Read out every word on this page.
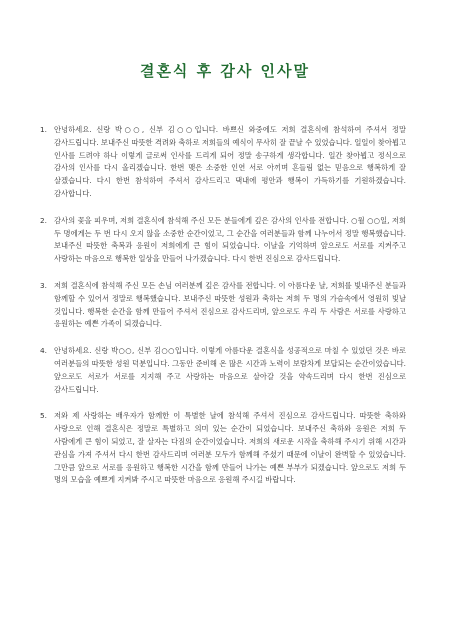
결혼식 후 감사 인사말
1. 안녕하세요. 신랑 박○○, 신부 김○○입니다. 바쁘신 와중에도 저희 결혼식에 참석하여 주셔서 정말 감사드립니다. 보내주신 따뜻한 격려와 축하로 저희들의 예식이 무사히 잘 끝날 수 있었습니다. 일일이 찾아뵙고 인사를 드려야 하나 이렇게 글로써 인사를 드리게 되어 정말 송구하게 생각합니다. 일간 찾아뵙고 정식으로 감사의 인사를 다시 올리겠습니다. 한번 맺은 소중한 인연 서로 아끼며 흔들림 없는 믿음으로 행복하게 잘 살겠습니다. 다시 한번 참석하여 주셔서 감사드리고 댁내에 평안과 행복이 가득하기를 기원하겠습니다. 감사합니다.
2. 감사의 꽃을 피우며, 저희 결혼식에 참석해 주신 모든 분들에게 깊은 감사의 인사를 전합니다. ○월 ○○일, 저희 두 명에게는 두 번 다시 오지 않을 소중한 순간이었고, 그 순간을 여러분들과 함께 나누어서 정말 행복했습니다. 보내주신 따뜻한 축복과 응원이 저희에게 큰 힘이 되었습니다. 이날을 기억하며 앞으로도 서로를 지켜주고 사랑하는 마음으로 행복한 일상을 만들어 나가겠습니다. 다시 한번 진심으로 감사드립니다.
3. 저희 결혼식에 참석해 주신 모든 손님 여러분께 깊은 감사를 전합니다. 이 아름다운 날, 저희를 빛내주신 분들과 함께할 수 있어서 정말로 행복했습니다. 보내주신 따뜻한 성원과 축하는 저희 두 명의 가슴속에서 영원히 빛날 것입니다. 행복한 순간을 함께 만들어 주셔서 진심으로 감사드리며, 앞으로도 우리 두 사람은 서로를 사랑하고 응원하는 예쁜 가족이 되겠습니다.
4. 안녕하세요. 신랑 박○○, 신부 김○○입니다. 이렇게 아름다운 결혼식을 성공적으로 마칠 수 있었던 것은 바로 여러분들의 따뜻한 성원 덕분입니다. 그동안 준비해 온 많은 시간과 노력이 보람차게 보답되는 순간이었습니다. 앞으로도 서로가 서로를 지지해 주고 사랑하는 마음으로 살아갈 것을 약속드리며 다시 한번 진심으로 감사드립니다.
5. 저와 제 사랑하는 배우자가 함께한 이 특별한 날에 참석해 주셔서 진심으로 감사드립니다. 따뜻한 축하와 사랑으로 인해 결혼식은 정말로 특별하고 의미 있는 순간이 되었습니다. 보내주신 축하와 응원은 저희 두 사람에게 큰 힘이 되었고, 잘 살자는 다짐의 순간이었습니다. 저희의 새로운 시작을 축하해 주시기 위해 시간과 관심을 가져 주셔서 다시 한번 감사드리며 여러분 모두가 함께해 주셨기 때문에 이날이 완벽할 수 있었습니다. 그만큼 앞으로 서로를 응원하고 행복한 시간을 함께 만들어 나가는 예쁜 부부가 되겠습니다. 앞으로도 저희 두 명의 모습을 예쁘게 지켜봐 주시고 따뜻한 마음으로 응원해 주시길 바랍니다.
